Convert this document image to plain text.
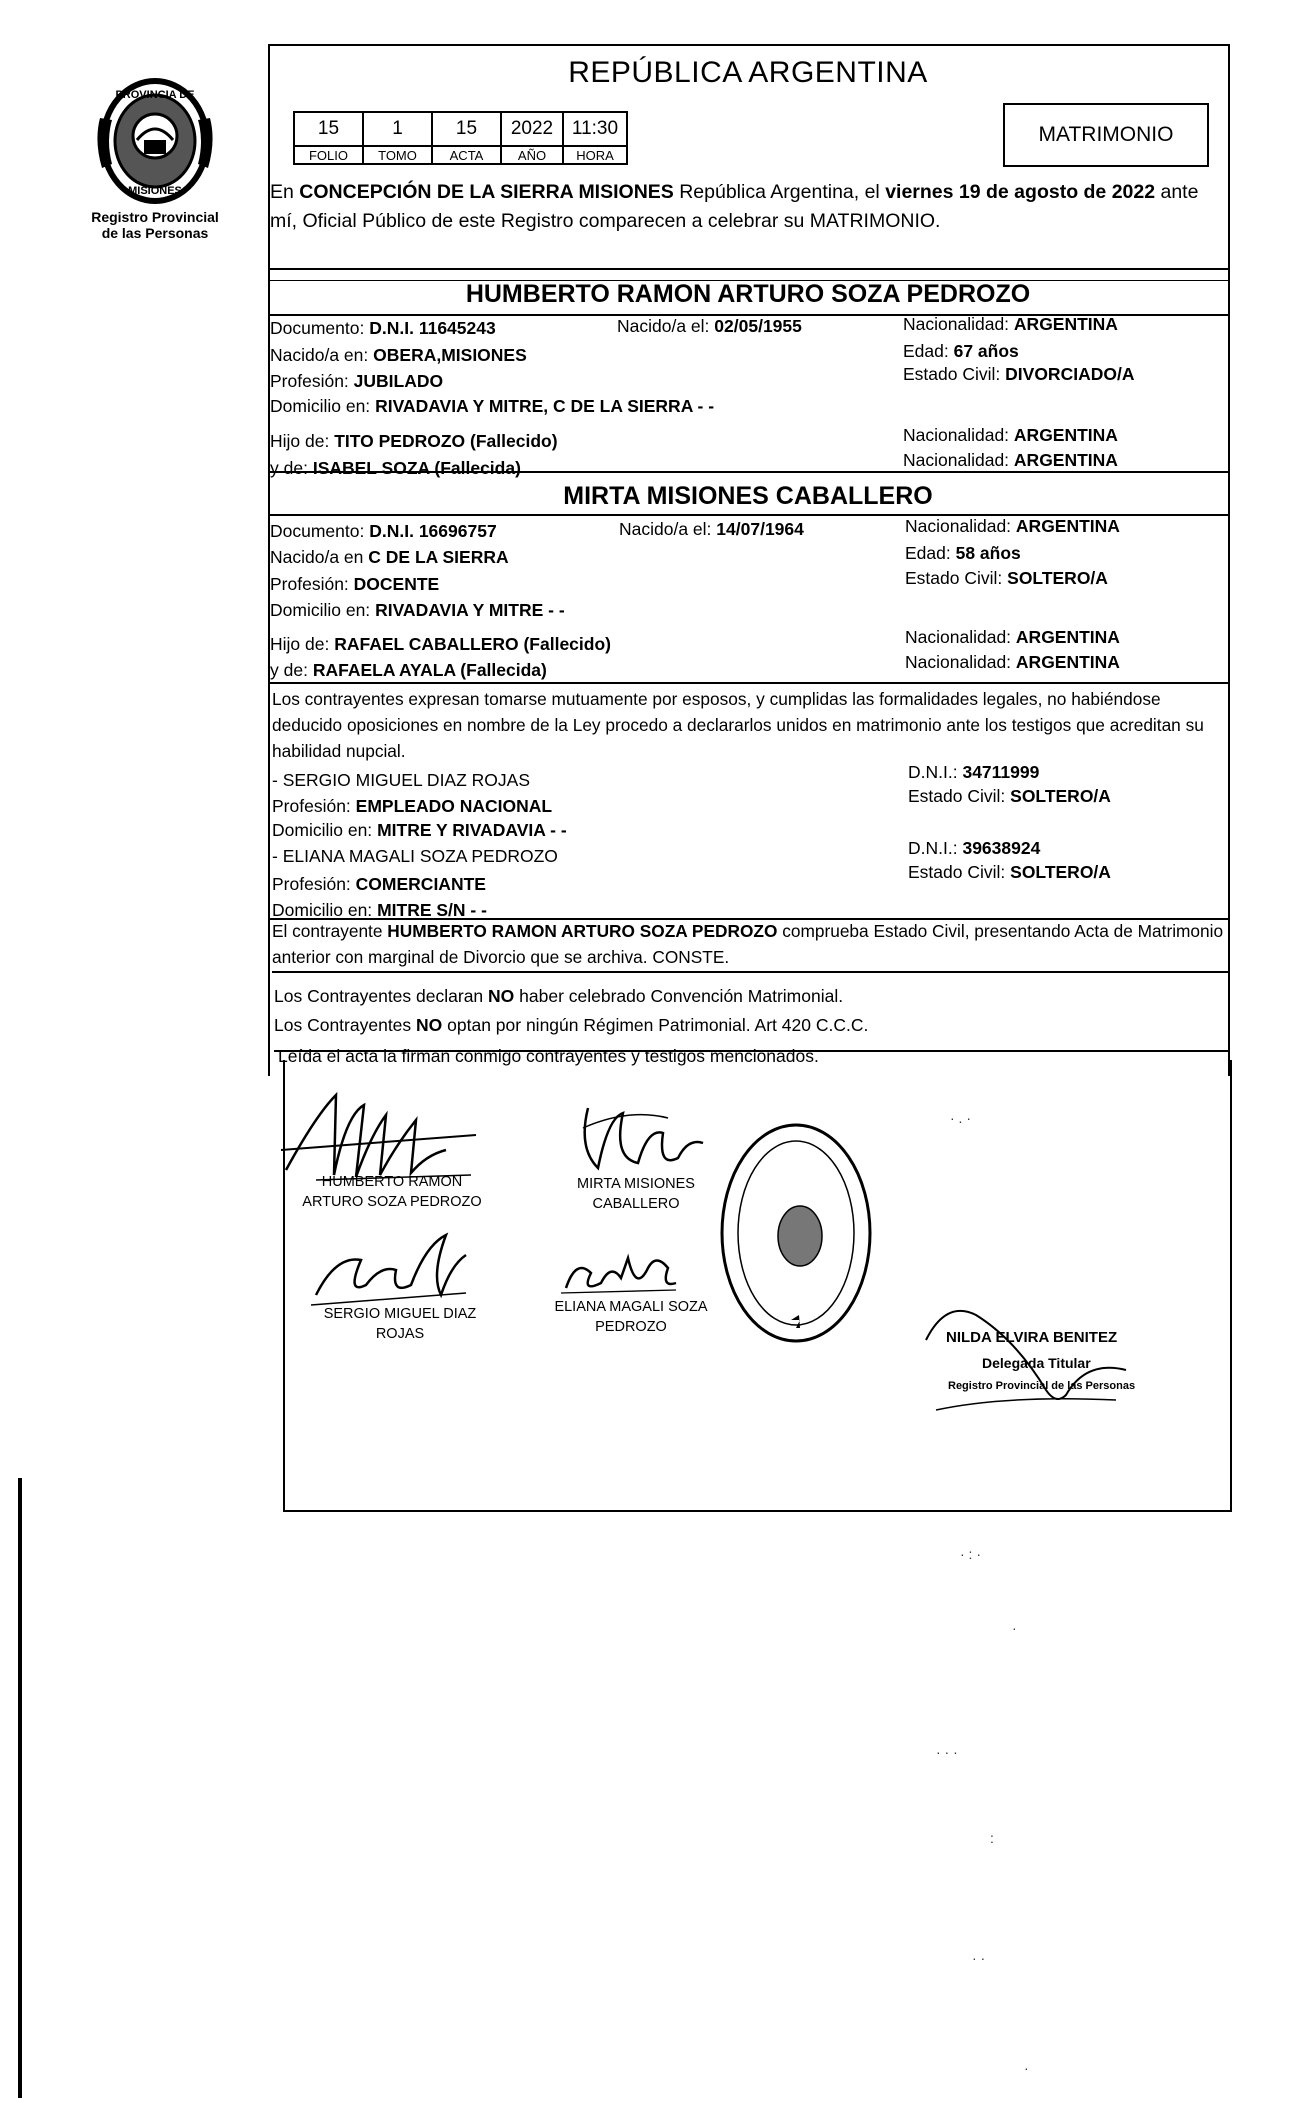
PROVINCIA DE
MISIONES
Registro Provincial
de las Personas
REPÚBLICA ARGENTINA
15	1	15	2022	11:30
FOLIO	TOMO	ACTA	AÑO	HORA
MATRIMONIO
En CONCEPCIÓN DE LA SIERRA MISIONES República Argentina, el viernes 19 de agosto de 2022 ante mí, Oficial Público de este Registro comparecen a celebrar su MATRIMONIO.
HUMBERTO RAMON ARTURO SOZA PEDROZO
Documento: D.N.I. 11645243	Nacido/a el: 02/05/1955	Nacionalidad: ARGENTINA
Nacido/a en: OBERA,MISIONES	Edad: 67 años
Profesión: JUBILADO	Estado Civil: DIVORCIADO/A
Domicilio en: RIVADAVIA Y MITRE, C DE LA SIERRA - -
Hijo de: TITO PEDROZO (Fallecido)	Nacionalidad: ARGENTINA
y de: ISABEL SOZA (Fallecida)	Nacionalidad: ARGENTINA
MIRTA MISIONES CABALLERO
Documento: D.N.I. 16696757	Nacido/a el: 14/07/1964	Nacionalidad: ARGENTINA
Nacido/a en C DE LA SIERRA	Edad: 58 años
Profesión: DOCENTE	Estado Civil: SOLTERO/A
Domicilio en: RIVADAVIA Y MITRE - -
Hijo de: RAFAEL CABALLERO (Fallecido)	Nacionalidad: ARGENTINA
y de: RAFAELA AYALA (Fallecida)	Nacionalidad: ARGENTINA
Los contrayentes expresan tomarse mutuamente por esposos, y cumplidas las formalidades legales, no habiéndose deducido oposiciones en nombre de la Ley procedo a declararlos unidos en matrimonio ante los testigos que acreditan su habilidad nupcial.
- SERGIO MIGUEL DIAZ ROJAS
Profesión: EMPLEADO NACIONAL
Domicilio en: MITRE Y RIVADAVIA - -
D.N.I.: 34711999
Estado Civil: SOLTERO/A
- ELIANA MAGALI SOZA PEDROZO
Profesión: COMERCIANTE
Domicilio en: MITRE S/N - -
D.N.I.: 39638924
Estado Civil: SOLTERO/A
El contrayente HUMBERTO RAMON ARTURO SOZA PEDROZO comprueba Estado Civil, presentando Acta de Matrimonio anterior con marginal de Divorcio que se archiva. CONSTE.
Los Contrayentes declaran NO haber celebrado Convención Matrimonial.
Los Contrayentes NO optan por ningún Régimen Patrimonial. Art 420 C.C.C.
Leída el acta la firman conmigo contrayentes y testigos mencionados.
HUMBERTO RAMON
ARTURO SOZA PEDROZO
MIRTA MISIONES
CABALLERO
SERGIO MIGUEL DIAZ
ROJAS
ELIANA MAGALI SOZA
PEDROZO
NILDA ELVIRA BENITEZ
Delegada Titular
Registro Provincial de las Personas
· . ·
· : ·
·
· · ·
:
· ·
·
